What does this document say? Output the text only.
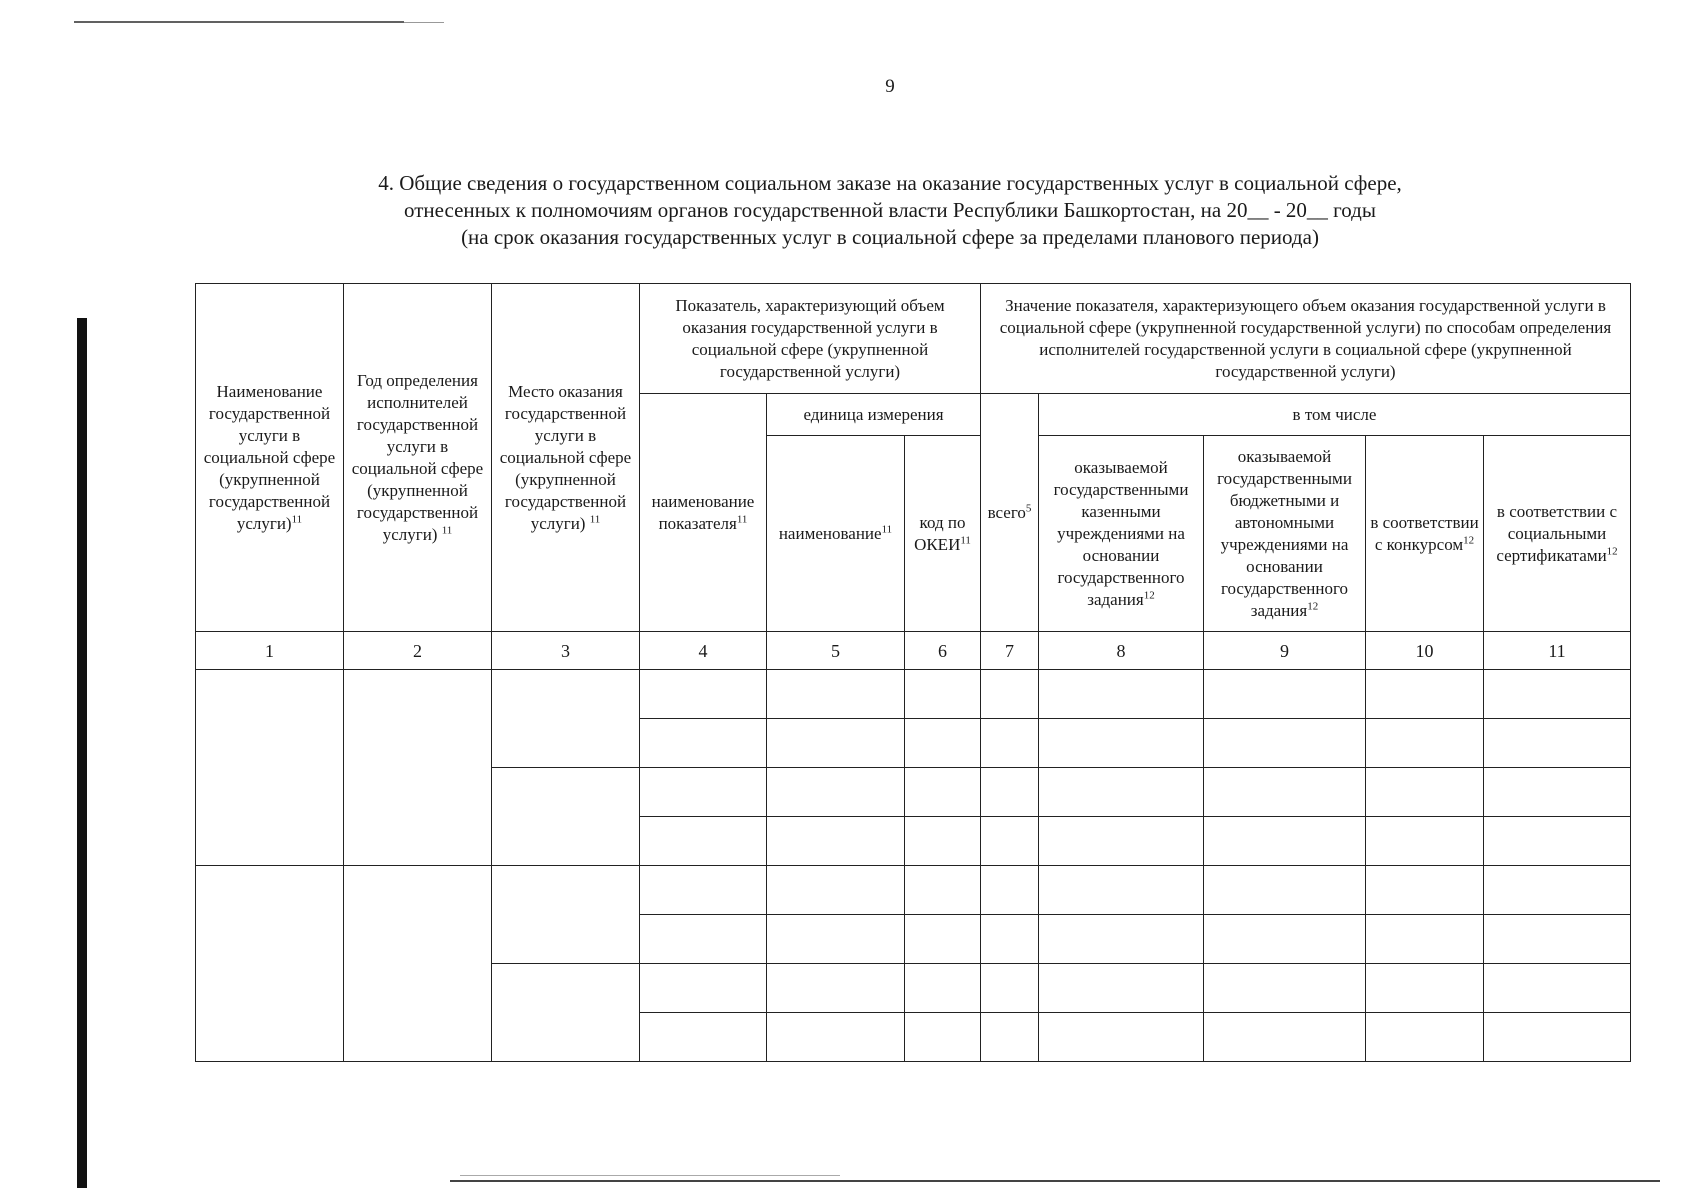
9
4. Общие сведения о государственном социальном заказе на оказание государственных услуг в социальной сфере,
отнесенных к полномочиям органов государственной власти Республики Башкортостан, на 20__ - 20__ годы
(на срок оказания государственных услуг в социальной сфере за пределами планового периода)
Наименование государственной услуги в социальной сфере (укрупненной государственной услуги)$^{11}$	Год определения исполнителей государственной услуги в социальной сфере (укрупненной государственной услуги) $^{11}$	Место оказания государственной услуги в социальной сфере (укрупненной государственной услуги) $^{11}$	Показатель, характеризующий объем оказания государственной услуги в социальной сфере (укрупненной государственной услуги)			Значение показателя, характеризующего объем оказания государственной услуги в социальной сфере (укрупненной государственной услуги) по способам определения исполнителей государственной услуги в социальной сфере (укрупненной государственной услуги)				
			наименование показателя$^{11}$	единица измерения		всего$^5$	в том числе			
				наименование$^{11}$	код по ОКЕИ$^{11}$		оказываемой государственными казенными учреждениями на основании государственного задания$^{12}$	оказываемой государственными бюджетными и автономными учреждениями на основании государственного задания$^{12}$	в соответствии с конкурсом$^{12}$	в соответствии с социальными сертификатами$^{12}$
1	2	3	4	5	6	7	8	9	10	11
